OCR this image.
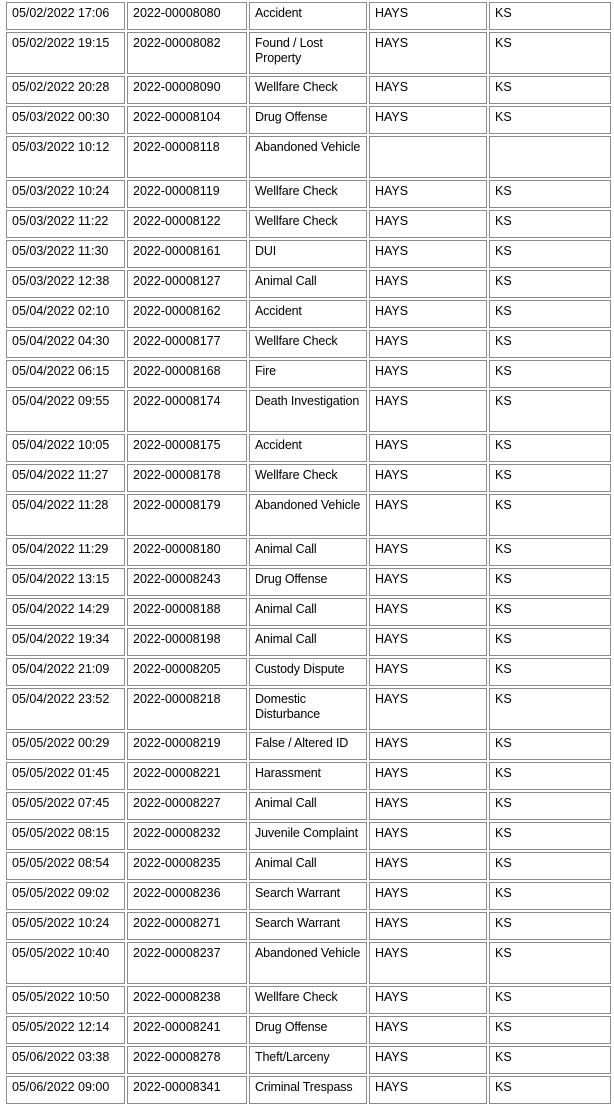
05/02/2022 17:06	2022-00008080	Accident	HAYS	KS
05/02/2022 19:15	2022-00008082	Found / Lost Property	HAYS	KS
05/02/2022 20:28	2022-00008090	Wellfare Check	HAYS	KS
05/03/2022 00:30	2022-00008104	Drug Offense	HAYS	KS
05/03/2022 10:12	2022-00008118	Abandoned Vehicle		
05/03/2022 10:24	2022-00008119	Wellfare Check	HAYS	KS
05/03/2022 11:22	2022-00008122	Wellfare Check	HAYS	KS
05/03/2022 11:30	2022-00008161	DUI	HAYS	KS
05/03/2022 12:38	2022-00008127	Animal Call	HAYS	KS
05/04/2022 02:10	2022-00008162	Accident	HAYS	KS
05/04/2022 04:30	2022-00008177	Wellfare Check	HAYS	KS
05/04/2022 06:15	2022-00008168	Fire	HAYS	KS
05/04/2022 09:55	2022-00008174	Death Investigation	HAYS	KS
05/04/2022 10:05	2022-00008175	Accident	HAYS	KS
05/04/2022 11:27	2022-00008178	Wellfare Check	HAYS	KS
05/04/2022 11:28	2022-00008179	Abandoned Vehicle	HAYS	KS
05/04/2022 11:29	2022-00008180	Animal Call	HAYS	KS
05/04/2022 13:15	2022-00008243	Drug Offense	HAYS	KS
05/04/2022 14:29	2022-00008188	Animal Call	HAYS	KS
05/04/2022 19:34	2022-00008198	Animal Call	HAYS	KS
05/04/2022 21:09	2022-00008205	Custody Dispute	HAYS	KS
05/04/2022 23:52	2022-00008218	Domestic Disturbance	HAYS	KS
05/05/2022 00:29	2022-00008219	False / Altered ID	HAYS	KS
05/05/2022 01:45	2022-00008221	Harassment	HAYS	KS
05/05/2022 07:45	2022-00008227	Animal Call	HAYS	KS
05/05/2022 08:15	2022-00008232	Juvenile Complaint	HAYS	KS
05/05/2022 08:54	2022-00008235	Animal Call	HAYS	KS
05/05/2022 09:02	2022-00008236	Search Warrant	HAYS	KS
05/05/2022 10:24	2022-00008271	Search Warrant	HAYS	KS
05/05/2022 10:40	2022-00008237	Abandoned Vehicle	HAYS	KS
05/05/2022 10:50	2022-00008238	Wellfare Check	HAYS	KS
05/05/2022 12:14	2022-00008241	Drug Offense	HAYS	KS
05/06/2022 03:38	2022-00008278	Theft/Larceny	HAYS	KS
05/06/2022 09:00	2022-00008341	Criminal Trespass	HAYS	KS
